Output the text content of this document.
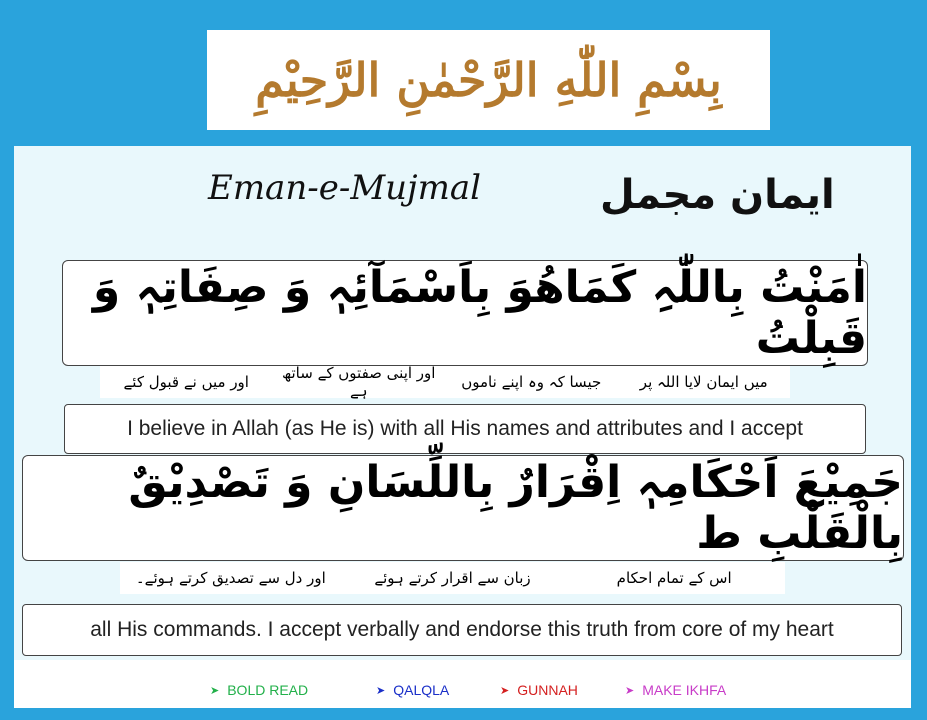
بِسْمِ اللّٰهِ الرَّحْمٰنِ الرَّحِيْمِ
Eman-e-Mujmal	ایمان مجمل
اٰمَنْتُ بِاللّٰہِ كَمَاھُوَ بِاَسْمَآئِہٖ وَ صِفَاتِہٖ وَ قَبِلْتُ
میں ایمان لایا اللہ پر
جیسا کہ وہ اپنے ناموں
اور اپنی صفتوں کے ساتھ ہے
اور میں نے قبول کئے
I believe in Allah (as He is) with all His names and attributes and I accept
جَمِیْعَ اَحْكَامِہٖ اِقْرَارٌ بِاللِّسَانِ وَ تَصْدِیْقٌ بِالْقَلْبِ ط
اس کے تمام احکام
زبان سے اقرار کرتے ہوئے
اور دل سے تصدیق کرتے ہوئے۔
all His commands. I accept verbally and endorse this truth from core of my heart
➤ BOLD READ	➤ QALQLA	➤ GUNNAH	➤ MAKE IKHFA
